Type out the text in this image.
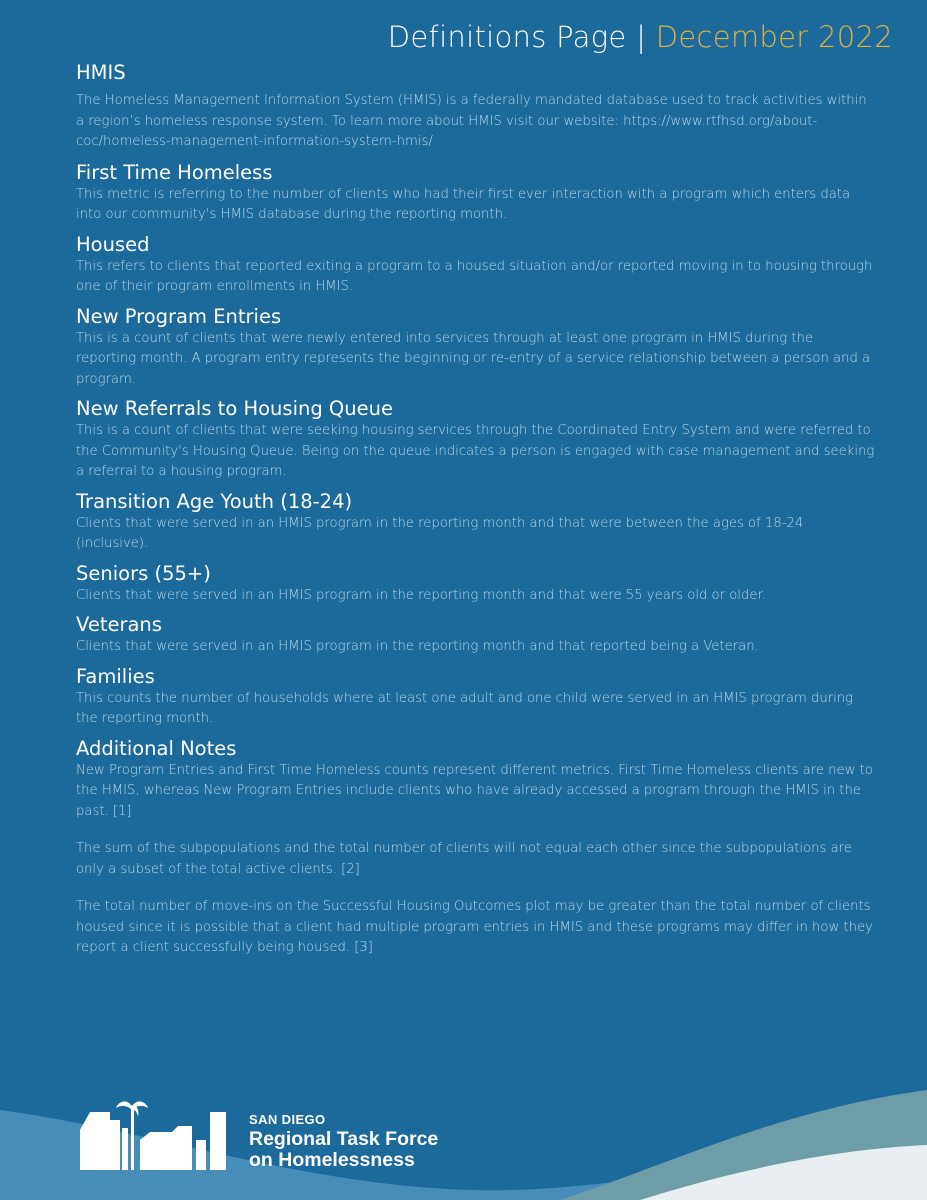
Definitions Page | December 2022
HMIS

The Homeless Management Information System (HMIS) is a federally mandated database used to track activities within a region’s homeless response system. To learn more about HMIS visit our website: https://www.rtfhsd.org/about-coc/homeless-management-information-system-hmis/

First Time Homeless

This metric is referring to the number of clients who had their first ever interaction with a program which enters data into our community's HMIS database during the reporting month.

Housed

This refers to clients that reported exiting a program to a housed situation and/or reported moving in to housing through one of their program enrollments in HMIS.

New Program Entries

This is a count of clients that were newly entered into services through at least one program in HMIS during the reporting month. A program entry represents the beginning or re-entry of a service relationship between a person and a program.

New Referrals to Housing Queue

This is a count of clients that were seeking housing services through the Coordinated Entry System and were referred to the Community's Housing Queue. Being on the queue indicates a person is engaged with case management and seeking a referral to a housing program.

Transition Age Youth (18-24)

Clients that were served in an HMIS program in the reporting month and that were between the ages of 18-24 (inclusive).

Seniors (55+)

Clients that were served in an HMIS program in the reporting month and that were 55 years old or older.

Veterans

Clients that were served in an HMIS program in the reporting month and that reported being a Veteran.

Families

This counts the number of households where at least one adult and one child were served in an HMIS program during the reporting month.

Additional Notes

New Program Entries and First Time Homeless counts represent different metrics. First Time Homeless clients are new to the HMIS, whereas New Program Entries include clients who have already accessed a program through the HMIS in the past. [1]

The sum of the subpopulations and the total number of clients will not equal each other since the subpopulations are only a subset of the total active clients. [2]

The total number of move-ins on the Successful Housing Outcomes plot may be greater than the total number of clients housed since it is possible that a client had multiple program entries in HMIS and these programs may differ in how they report a client successfully being housed. [3]

SAN DIEGO
Regional Task Force
on Homelessness
